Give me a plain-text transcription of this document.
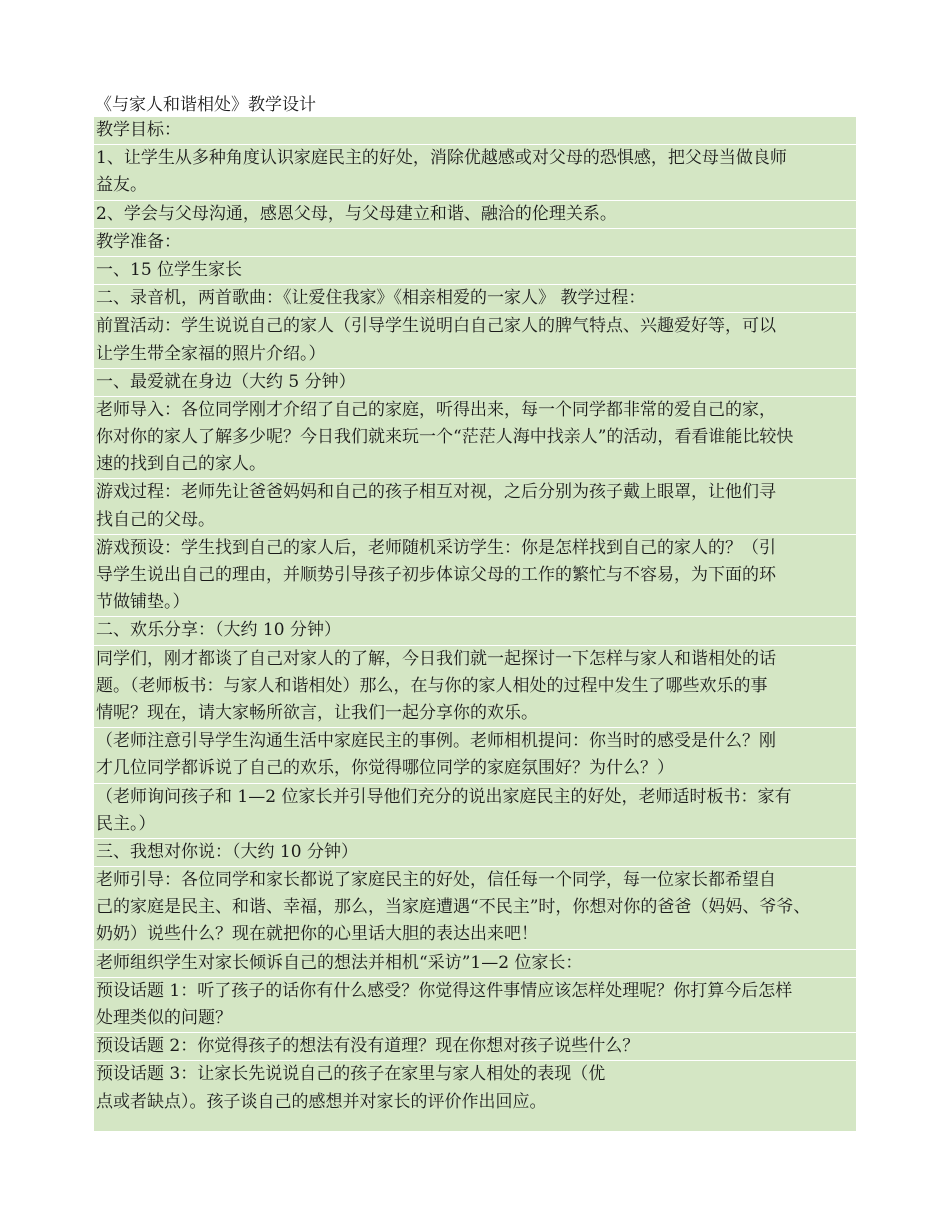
《与家人和谐相处》教学设计
教学目标：
1、让学生从多种角度认识家庭民主的好处，消除优越感或对父母的恐惧感，把父母当做良师
益友。
2、学会与父母沟通，感恩父母，与父母建立和谐、融洽的伦理关系。
教学准备：
一、15 位学生家长
二、录音机，两首歌曲：《让爱住我家》《相亲相爱的一家人》 教学过程：
前置活动：学生说说自己的家人（引导学生说明白自己家人的脾气特点、兴趣爱好等，可以
让学生带全家福的照片介绍。）
一、最爱就在身边（大约 5 分钟）
老师导入：各位同学刚才介绍了自己的家庭，听得出来，每一个同学都非常的爱自己的家，
你对你的家人了解多少呢？今日我们就来玩一个“茫茫人海中找亲人”的活动，看看谁能比较快
速的找到自己的家人。
游戏过程：老师先让爸爸妈妈和自己的孩子相互对视，之后分别为孩子戴上眼罩，让他们寻
找自己的父母。
游戏预设：学生找到自己的家人后，老师随机采访学生：你是怎样找到自己的家人的？（引
导学生说出自己的理由，并顺势引导孩子初步体谅父母的工作的繁忙与不容易，为下面的环
节做铺垫。）
二、欢乐分享：（大约 10 分钟）
同学们，刚才都谈了自己对家人的了解，今日我们就一起探讨一下怎样与家人和谐相处的话
题。（老师板书：与家人和谐相处）那么，在与你的家人相处的过程中发生了哪些欢乐的事
情呢？现在，请大家畅所欲言，让我们一起分享你的欢乐。
（老师注意引导学生沟通生活中家庭民主的事例。老师相机提问：你当时的感受是什么？刚
才几位同学都诉说了自己的欢乐，你觉得哪位同学的家庭氛围好？为什么？）
（老师询问孩子和 1—2 位家长并引导他们充分的说出家庭民主的好处，老师适时板书：家有
民主。）
三、我想对你说：（大约 10 分钟）
老师引导：各位同学和家长都说了家庭民主的好处，信任每一个同学，每一位家长都希望自
己的家庭是民主、和谐、幸福，那么，当家庭遭遇“不民主”时，你想对你的爸爸（妈妈、爷爷、
奶奶）说些什么？现在就把你的心里话大胆的表达出来吧！
老师组织学生对家长倾诉自己的想法并相机“采访”1—2 位家长：
预设话题 1：听了孩子的话你有什么感受？你觉得这件事情应该怎样处理呢？你打算今后怎样
处理类似的问题？
预设话题 2：你觉得孩子的想法有没有道理？现在你想对孩子说些什么？
预设话题 3：让家长先说说自己的孩子在家里与家人相处的表现（优
点或者缺点）。孩子谈自己的感想并对家长的评价作出回应。
